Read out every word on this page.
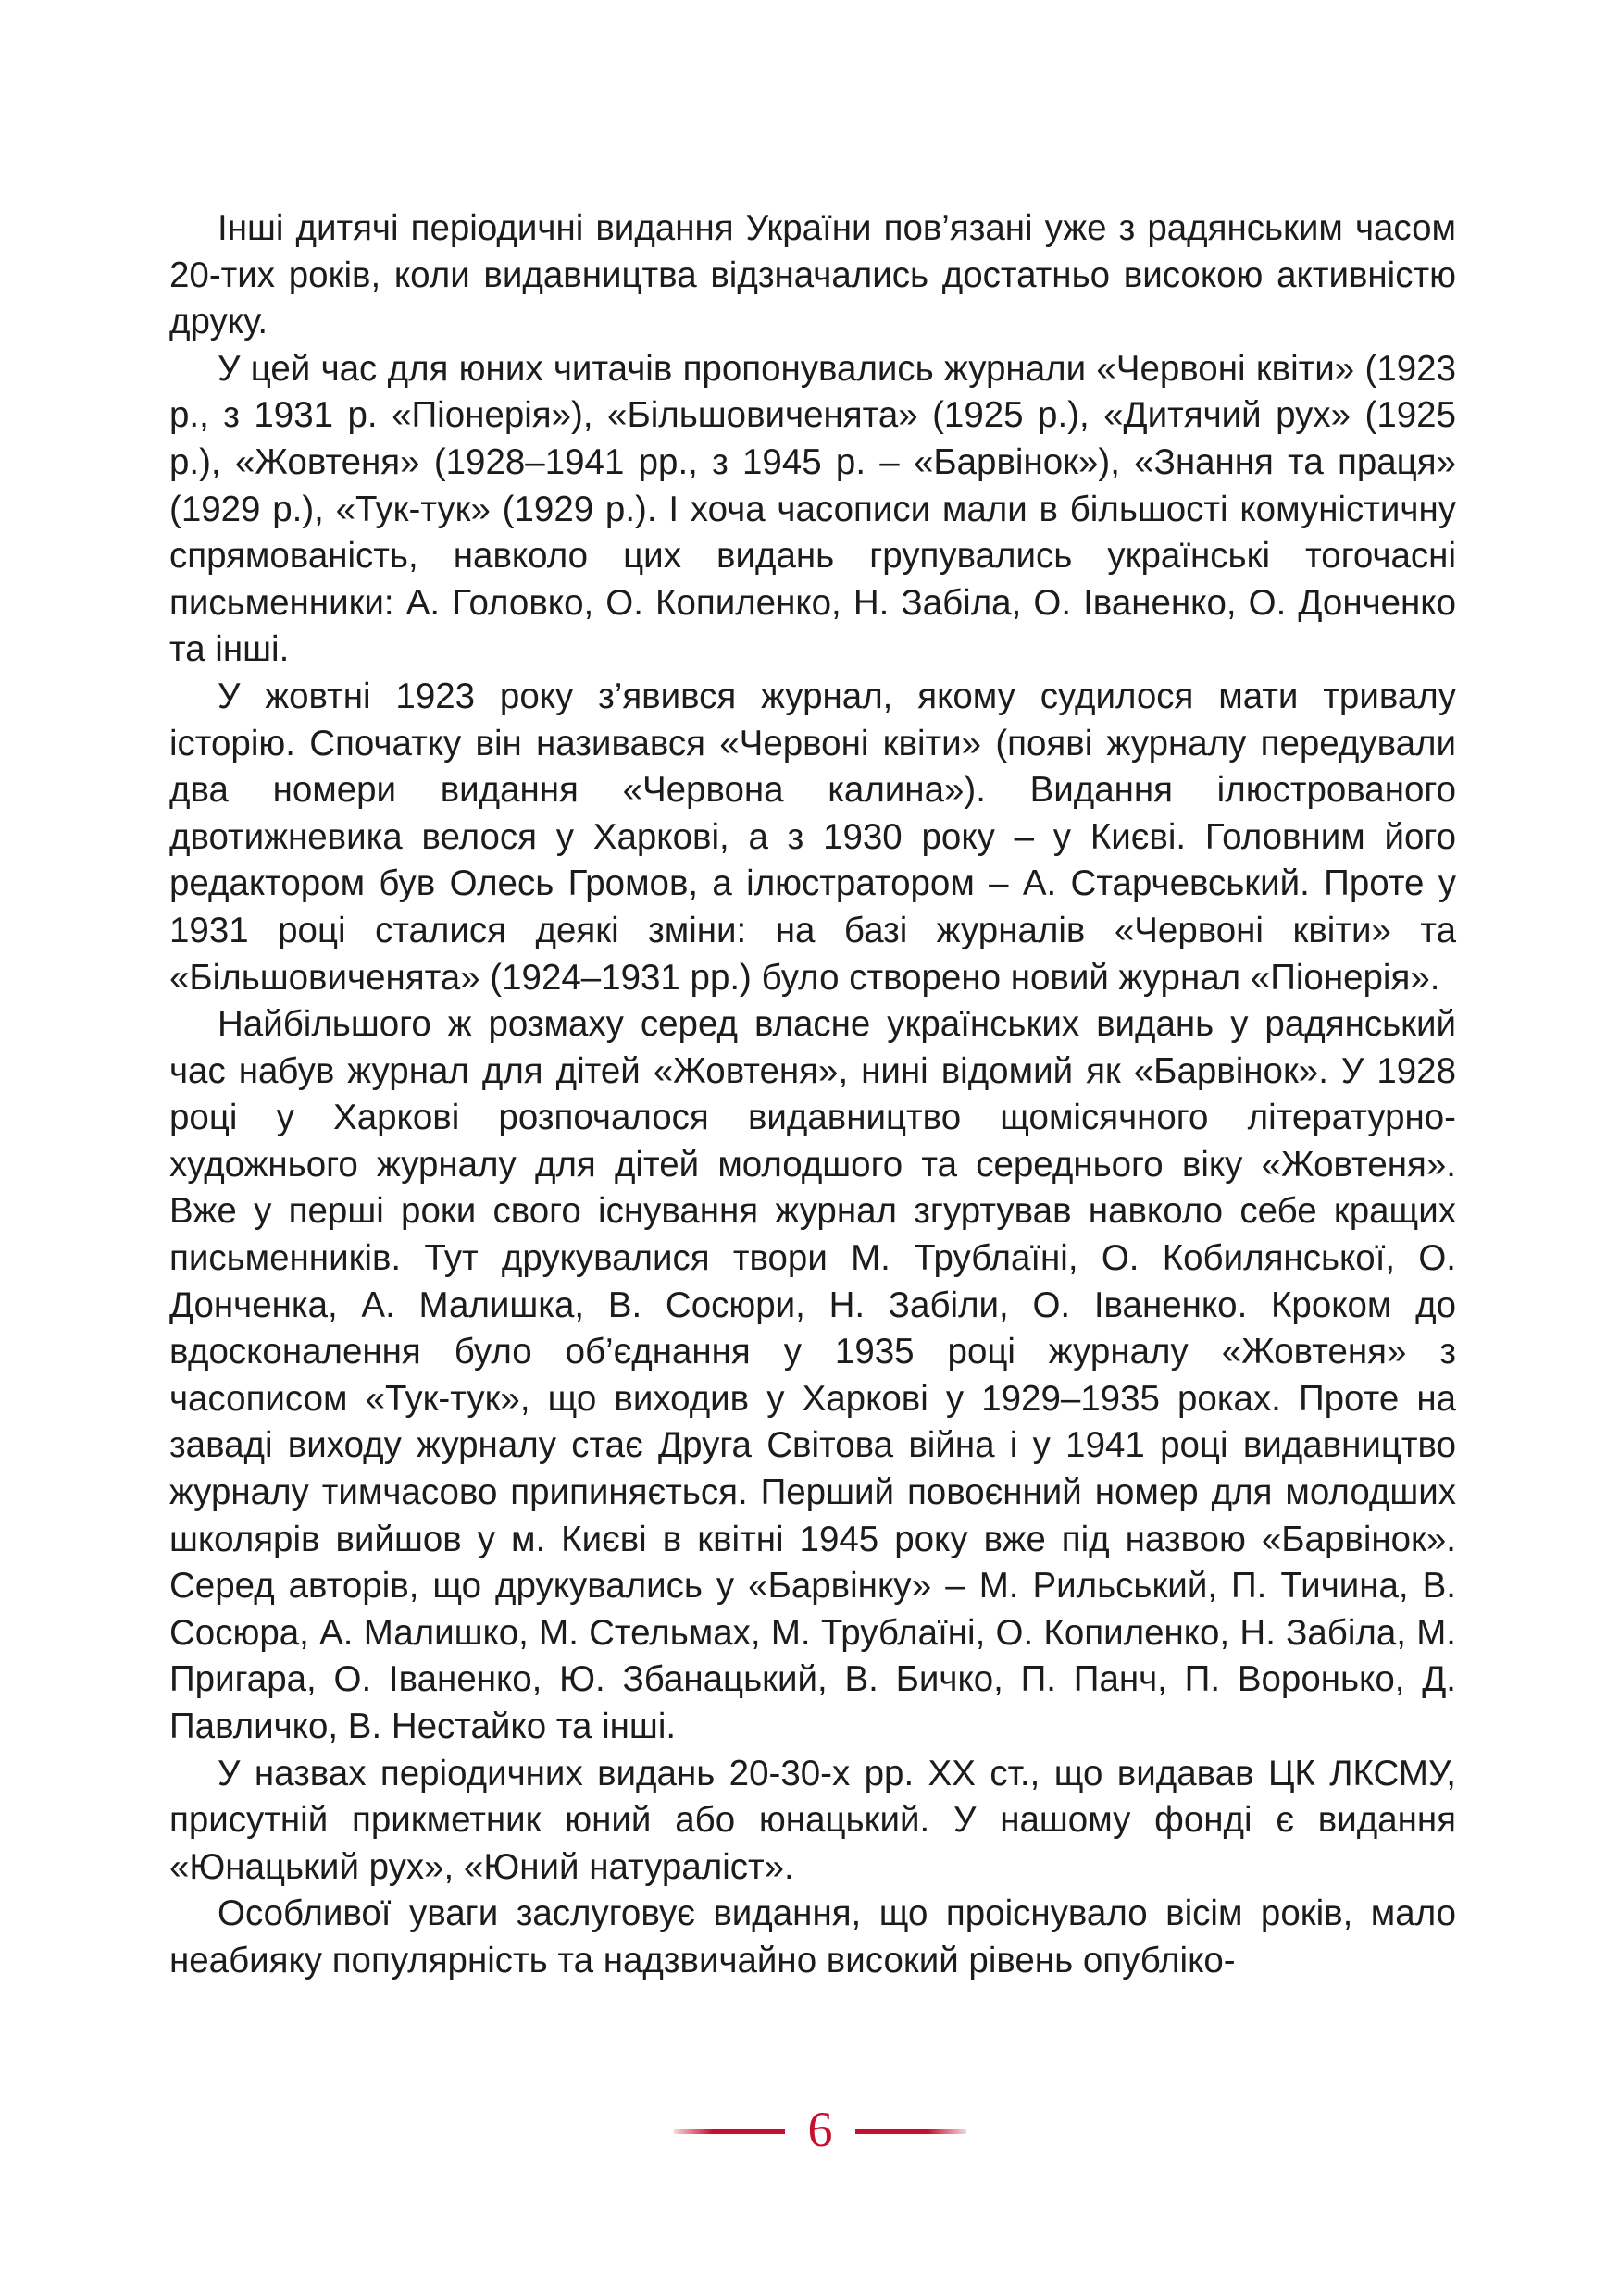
Інші дитячі періодичні видання України пов’язані уже з радянським часом 20-тих років, коли видавництва відзначались достатньо високою активністю друку.

У цей час для юних читачів пропонувались журнали «Червоні квіти» (1923 р., з 1931 р. «Піонерія»), «Більшовиченята» (1925 р.), «Дитячий рух» (1925 р.), «Жовтеня» (1928–1941 рр., з 1945 р. – «Барвінок»), «Знання та праця» (1929 р.), «Тук-тук» (1929 р.). І хоча часописи мали в більшості комуністичну спрямованість, навколо цих видань групувались українські тогочасні письменники: А. Головко, О. Копиленко, Н. Забіла, О. Іваненко, О. Донченко та інші.

У жовтні 1923 року з’явився журнал, якому судилося мати тривалу історію. Спочатку він називався «Червоні квіти» (появі журналу передували два номери видання «Червона калина»). Видання ілюстрованого двотижневика велося у Харкові, а з 1930 року – у Києві. Головним його редактором був Олесь Громов, а ілюстратором – А. Старчевський. Проте у 1931 році сталися деякі зміни: на базі журналів «Червоні квіти» та «Більшовиченята» (1924–1931 рр.) було створено новий журнал «Піонерія».

Найбільшого ж розмаху серед власне українських видань у радянський час набув журнал для дітей «Жовтеня», нині відомий як «Барвінок». У 1928 році у Харкові розпочалося видавництво щомісячного літературно-художнього журналу для дітей молодшого та середнього віку «Жовтеня». Вже у перші роки свого існування журнал згуртував навколо себе кращих письменників. Тут друкувалися твори М. Трублаїні, О. Кобилянської, О. Донченка, А. Малишка, В. Сосюри, Н. Забіли, О. Іваненко. Кроком до вдосконалення було об’єднання у 1935 році журналу «Жовтеня» з часописом «Тук-тук», що виходив у Харкові у 1929–1935 роках. Проте на заваді виходу журналу стає Друга Світова війна і у 1941 році видавництво журналу тимчасово припиняється. Перший повоєнний номер для молодших школярів вийшов у м. Києві в квітні 1945 року вже під назвою «Барвінок». Серед авторів, що друкувались у «Барвінку» – М. Рильський, П. Тичина, В. Сосюра, А. Малишко, М. Стельмах, М. Трублаїні, О. Копиленко, Н. Забіла, М. Пригара, О. Іваненко, Ю. Збанацький, В. Бичко, П. Панч, П. Воронько, Д. Павличко, В. Нестайко та інші.

У назвах періодичних видань 20-30-х рр. ХХ ст., що видавав ЦК ЛКСМУ, присутній прикметник юний або юнацький. У нашому фонді є видання «Юнацький рух», «Юний натураліст».

Особливої уваги заслуговує видання, що проіснувало вісім років, мало неабияку популярність та надзвичайно високий рівень опубліко-

6
